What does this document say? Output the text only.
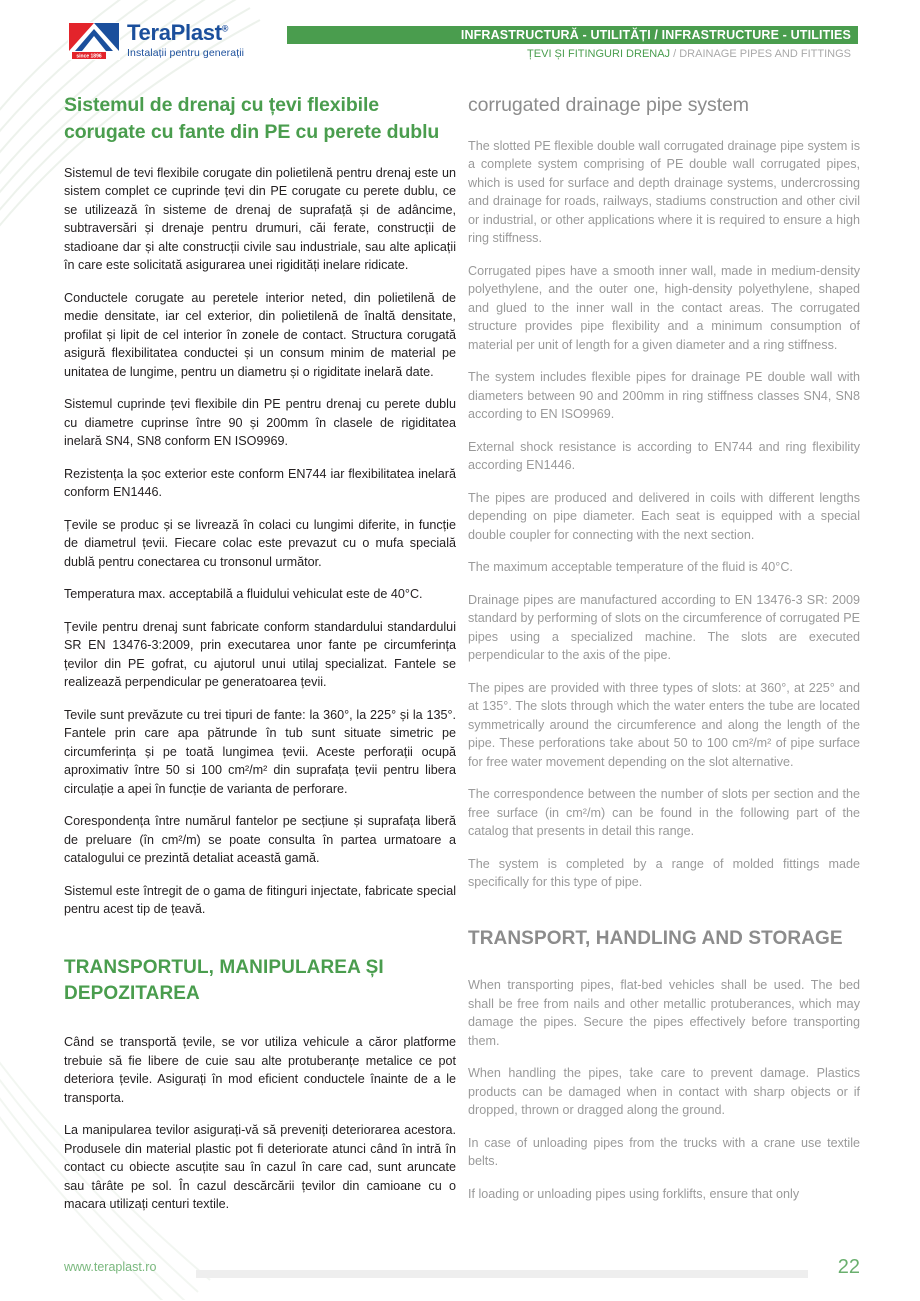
since 1896
TeraPlast®
Instalații pentru generații
INFRASTRUCTURĂ - UTILITĂȚI / INFRASTRUCTURE - UTILITIES
ȚEVI ȘI FITINGURI DRENAJ / DRAINAGE PIPES AND FITTINGS
Sistemul de drenaj cu țevi flexibile corugate cu fante din PE cu perete dublu

Sistemul de tevi flexibile corugate din polietilenă pentru drenaj este un sistem complet ce cuprinde țevi din PE corugate cu perete dublu, ce se utilizează în sisteme de drenaj de suprafață și de adâncime, subtraversări și drenaje pentru drumuri, căi ferate, construcții de stadioane dar și alte construcții civile sau industriale, sau alte aplicații în care este solicitată asigurarea unei rigidități inelare ridicate.

Conductele corugate au peretele interior neted, din polietilenă de medie densitate, iar cel exterior, din polietilenă de înaltă densitate, profilat și lipit de cel interior în zonele de contact. Structura corugată asigură flexibilitatea conductei și un consum minim de material pe unitatea de lungime, pentru un diametru și o rigiditate inelară date.

Sistemul cuprinde țevi flexibile din PE pentru drenaj cu perete dublu cu diametre cuprinse între 90 și 200mm în clasele de rigiditatea inelară SN4, SN8 conform EN ISO9969.

Rezistența la șoc exterior este conform EN744 iar flexibilitatea inelară conform EN1446.

Țevile se produc și se livrează în colaci cu lungimi diferite, in funcție de diametrul țevii. Fiecare colac este prevazut cu o mufa specială dublă pentru conectarea cu tronsonul următor.

Temperatura max. acceptabilă a fluidului vehiculat este de 40°C.

Țevile pentru drenaj sunt fabricate conform standardului standardului SR EN 13476-3:2009, prin executarea unor fante pe circumferința țevilor din PE gofrat, cu ajutorul unui utilaj specializat. Fantele se realizează perpendicular pe generatoarea țevii.

Tevile sunt prevăzute cu trei tipuri de fante: la 360°, la 225° și la 135°. Fantele prin care apa pătrunde în tub sunt situate simetric pe circumferința și pe toată lungimea țevii. Aceste perforații ocupă aproximativ între 50 si 100 cm²/m² din suprafața țevii pentru libera circulație a apei în funcție de varianta de perforare.

Corespondența între numărul fantelor pe secțiune și suprafața liberă de preluare (în cm²/m) se poate consulta în partea urmatoare a catalogului ce prezintă detaliat această gamă.

Sistemul este întregit de o gama de fitinguri injectate, fabricate special pentru acest tip de țeavă.

TRANSPORTUL, MANIPULAREA ȘI DEPOZITAREA

Când se transportă țevile, se vor utiliza vehicule a căror platforme trebuie să fie libere de cuie sau alte protuberanțe metalice ce pot deteriora țevile. Asigurați în mod eficient conductele înainte de a le transporta.

La manipularea tevilor asigurați-vă să preveniți deteriorarea acestora. Produsele din material plastic pot fi deteriorate atunci când în intră în contact cu obiecte ascuțite sau în cazul în care cad, sunt aruncate sau târâte pe sol. În cazul descărcării țevilor din camioane cu o macara utilizați centuri textile.

corrugated drainage pipe system

The slotted PE flexible double wall corrugated drainage pipe system is a complete system comprising of PE double wall corrugated pipes, which is used for surface and depth drainage systems, undercrossing and drainage for roads, railways, stadiums construction and other civil or industrial, or other applications where it is required to ensure a high ring stiffness.

Corrugated pipes have a smooth inner wall, made in medium-density polyethylene, and the outer one, high-density polyethylene, shaped and glued to the inner wall in the contact areas. The corrugated structure provides pipe flexibility and a minimum consumption of material per unit of length for a given diameter and a ring stiffness.

The system includes flexible pipes for drainage PE double wall with diameters between 90 and 200mm in ring stiffness classes SN4, SN8 according to EN ISO9969.

External shock resistance is according to EN744 and ring flexibility according EN1446.

The pipes are produced and delivered in coils with different lengths depending on pipe diameter. Each seat is equipped with a special double coupler for connecting with the next section.

The maximum acceptable temperature of the fluid is 40°C.

Drainage pipes are manufactured according to EN 13476-3 SR: 2009 standard by performing of slots on the circumference of corrugated PE pipes using a specialized machine. The slots are executed perpendicular to the axis of the pipe.

The pipes are provided with three types of slots: at 360°, at 225° and at 135°. The slots through which the water enters the tube are located symmetrically around the circumference and along the length of the pipe. These perforations take about 50 to 100 cm²/m² of pipe surface for free water movement depending on the slot alternative.

The correspondence between the number of slots per section and the free surface (in cm²/m) can be found in the following part of the catalog that presents in detail this range.

The system is completed by a range of molded fittings made specifically for this type of pipe.

TRANSPORT, HANDLING AND STORAGE

When transporting pipes, flat-bed vehicles shall be used. The bed shall be free from nails and other metallic protuberances, which may damage the pipes. Secure the pipes effectively before transporting them.

When handling the pipes, take care to prevent damage. Plastics products can be damaged when in contact with sharp objects or if dropped, thrown or dragged along the ground.

In case of unloading pipes from the trucks with a crane use textile belts.

If loading or unloading pipes using forklifts, ensure that only

www.teraplast.ro	22
